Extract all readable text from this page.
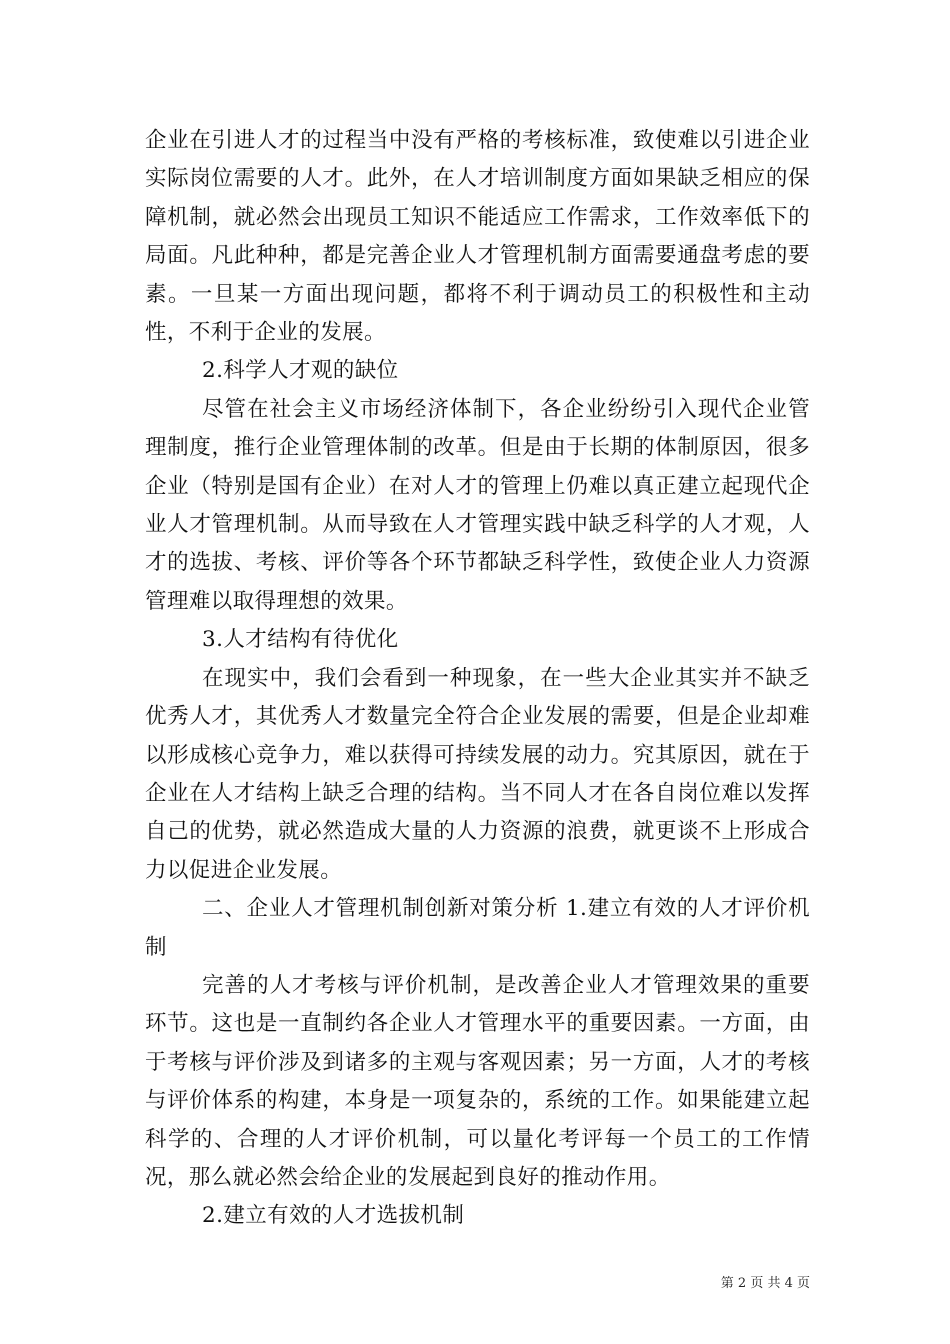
企业在引进人才的过程当中没有严格的考核标准，致使难以引进企业实际岗位需要的人才。此外，在人才培训制度方面如果缺乏相应的保障机制，就必然会出现员工知识不能适应工作需求，工作效率低下的局面。凡此种种，都是完善企业人才管理机制方面需要通盘考虑的要素。一旦某一方面出现问题，都将不利于调动员工的积极性和主动性，不利于企业的发展。

2.科学人才观的缺位

尽管在社会主义市场经济体制下，各企业纷纷引入现代企业管理制度，推行企业管理体制的改革。但是由于长期的体制原因，很多企业（特别是国有企业）在对人才的管理上仍难以真正建立起现代企业人才管理机制。从而导致在人才管理实践中缺乏科学的人才观，人才的选拔、考核、评价等各个环节都缺乏科学性，致使企业人力资源管理难以取得理想的效果。

3.人才结构有待优化

在现实中，我们会看到一种现象，在一些大企业其实并不缺乏优秀人才，其优秀人才数量完全符合企业发展的需要，但是企业却难以形成核心竞争力，难以获得可持续发展的动力。究其原因，就在于企业在人才结构上缺乏合理的结构。当不同人才在各自岗位难以发挥自己的优势，就必然造成大量的人力资源的浪费，就更谈不上形成合力以促进企业发展。

二、企业人才管理机制创新对策分析 1.建立有效的人才评价机制

完善的人才考核与评价机制，是改善企业人才管理效果的重要环节。这也是一直制约各企业人才管理水平的重要因素。一方面，由于考核与评价涉及到诸多的主观与客观因素；另一方面，人才的考核与评价体系的构建，本身是一项复杂的，系统的工作。如果能建立起科学的、合理的人才评价机制，可以量化考评每一个员工的工作情况，那么就必然会给企业的发展起到良好的推动作用。

2.建立有效的人才选拔机制

第 2 页 共 4 页
